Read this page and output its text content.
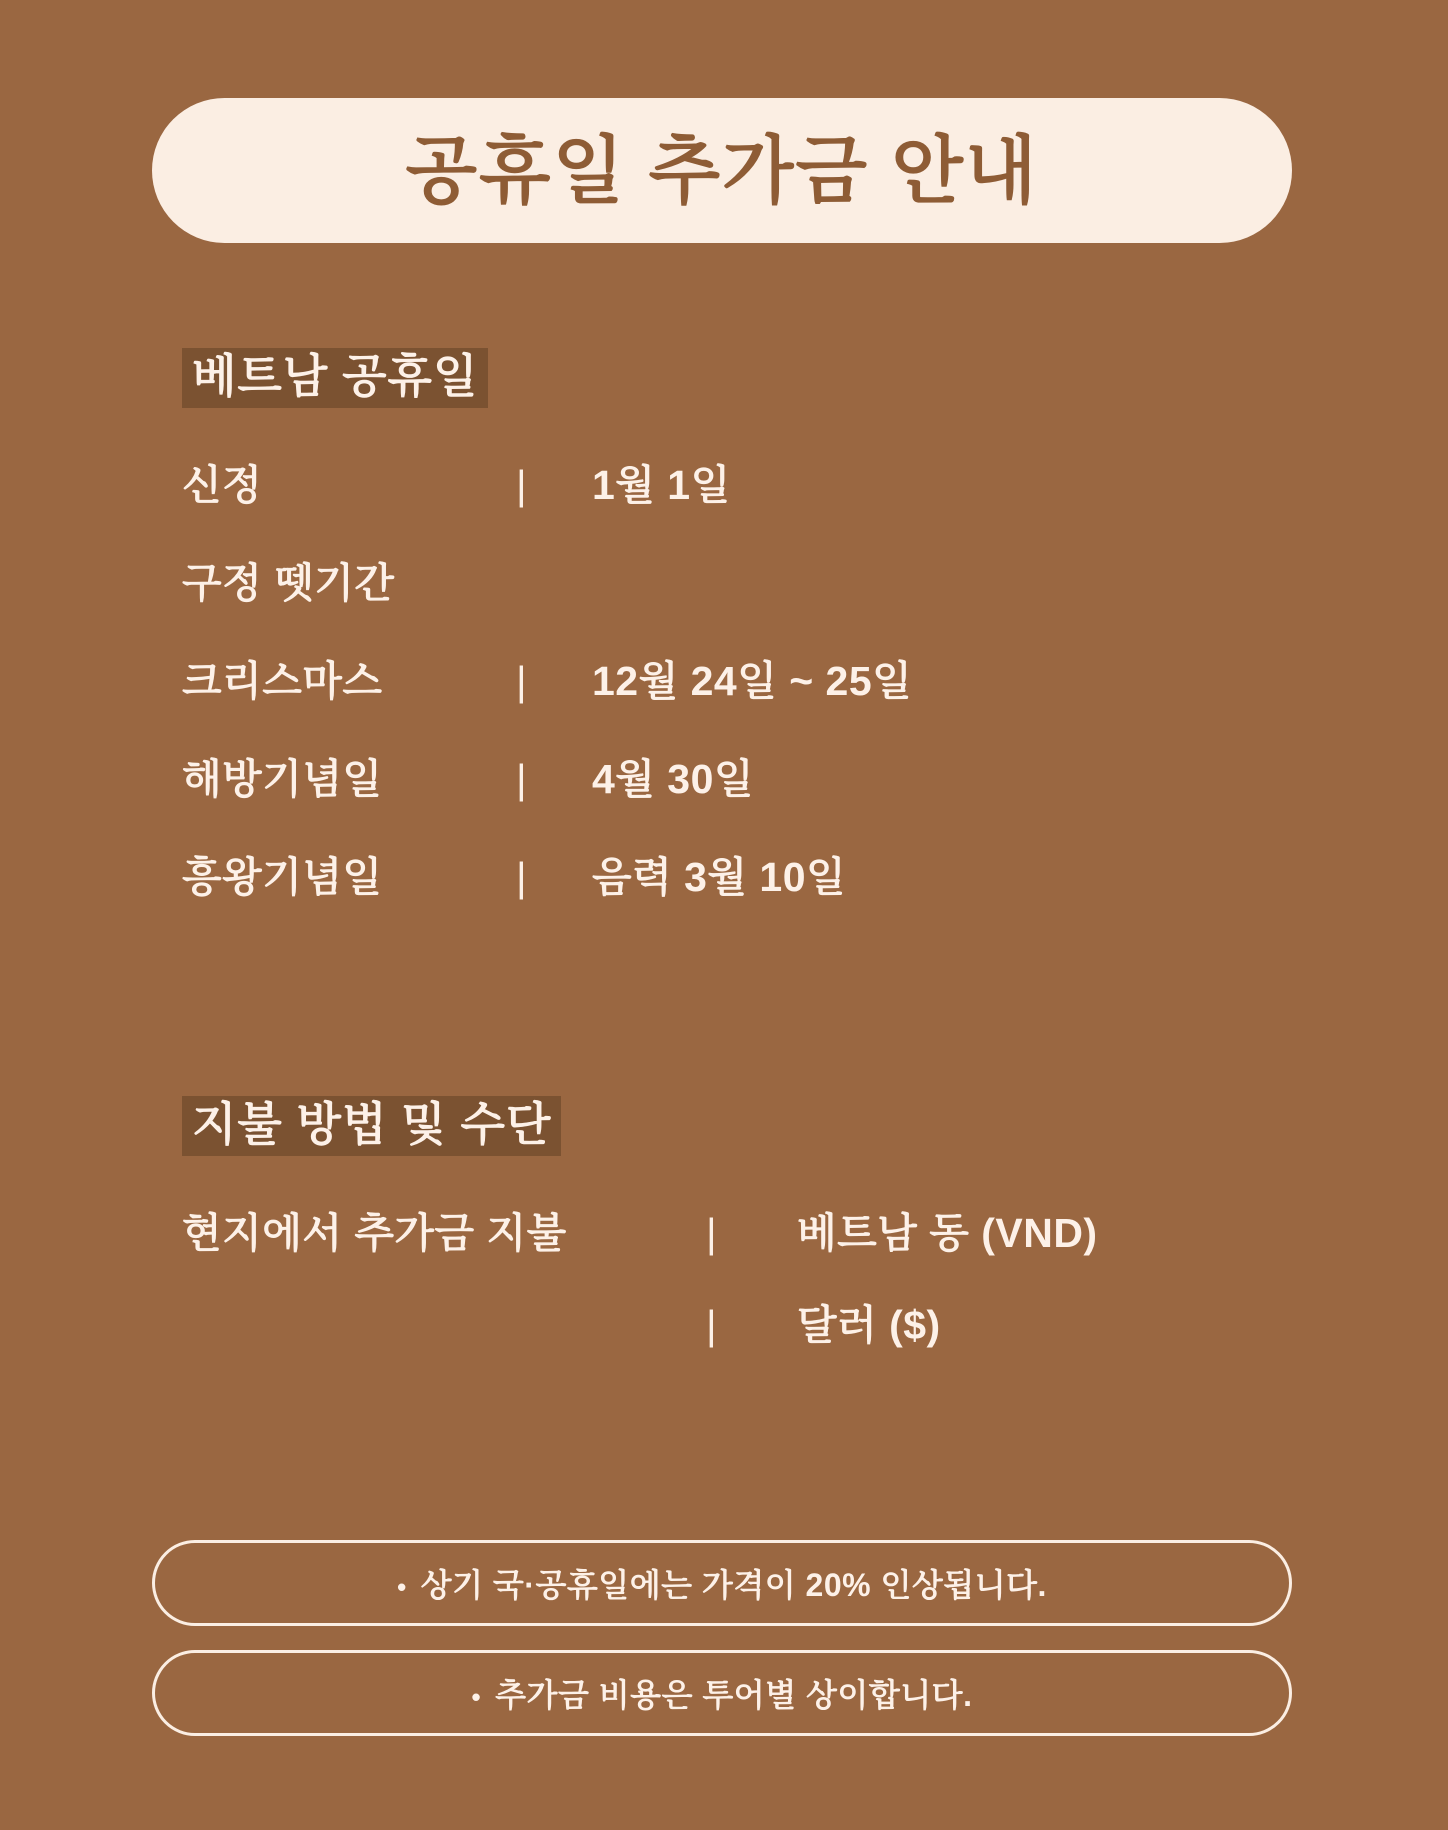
공휴일 추가금 안내
베트남 공휴일
신정	|	1월 1일
구정 뗏기간
크리스마스	|	12월 24일 ~ 25일
해방기념일	|	4월 30일
흥왕기념일	|	음력 3월 10일
지불 방법 및 수단
현지에서 추가금 지불	|	베트남 동 (VND)
|	달러 ($)
• 상기 국·공휴일에는 가격이 20% 인상됩니다.
• 추가금 비용은 투어별 상이합니다.
